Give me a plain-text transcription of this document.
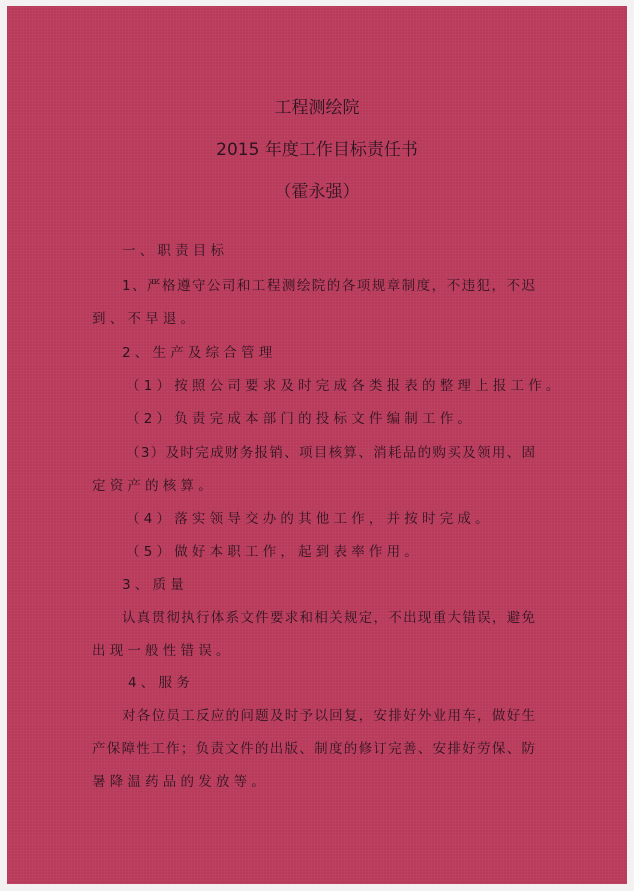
工程测绘院
2015 年度工作目标责任书
（霍永强）
一、职责目标
1、严格遵守公司和工程测绘院的各项规章制度，不违犯，不迟
到、不早退。
2、生产及综合管理
（1）按照公司要求及时完成各类报表的整理上报工作。
（2）负责完成本部门的投标文件编制工作。
（3）及时完成财务报销、项目核算、消耗品的购买及领用、固
定资产的核算。
（4）落实领导交办的其他工作，并按时完成。
（5）做好本职工作，起到表率作用。
3、质量
认真贯彻执行体系文件要求和相关规定，不出现重大错误，避免
出现一般性错误。
4、服务
对各位员工反应的问题及时予以回复，安排好外业用车，做好生
产保障性工作；负责文件的出版、制度的修订完善、安排好劳保、防
暑降温药品的发放等。
